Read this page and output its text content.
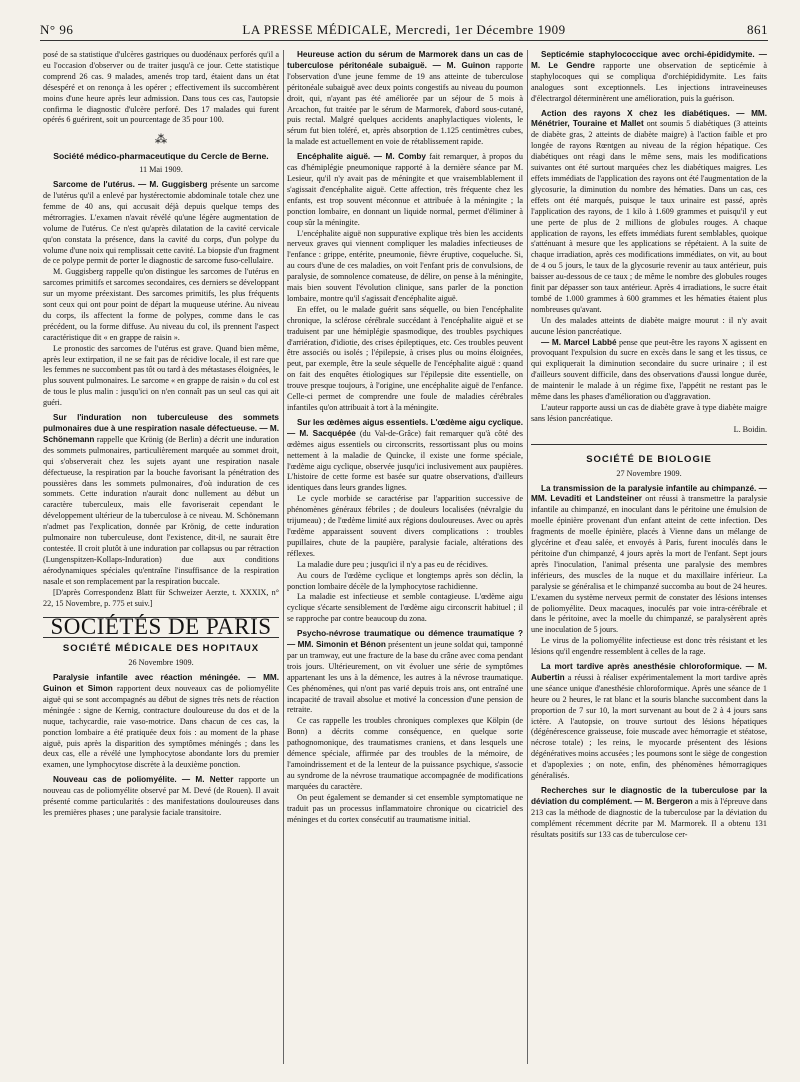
N° 96	LA PRESSE MÉDICALE, Mercredi, 1er Décembre 1909	861

posé de sa statistique d'ulcères gastriques ou duodénaux perforés qu'il a eu l'occasion d'observer ou de traiter jusqu'à ce jour. Cette statistique comprend 26 cas. 9 malades, amenés trop tard, étaient dans un état désespéré et on renonça à les opérer ; effectivement ils succombèrent moins d'une heure après leur admission. Dans tous ces cas, l'autopsie confirma le diagnostic d'ulcère perforé. Des 17 malades qui furent opérés 6 guérirent, soit un pourcentage de 35 pour 100.

⁂

Société médico-pharmaceutique du Cercle de Berne.

11 Mai 1909.

Sarcome de l'utérus. — M. Guggisberg présente un sarcome de l'utérus qu'il a enlevé par hystérectomie abdominale totale chez une femme de 40 ans, qui accusait déjà depuis quelque temps des métrorragies. L'examen n'avait révélé qu'une légère augmentation de volume de l'utérus. Ce n'est qu'après dilatation de la cavité cervicale qu'on constata la présence, dans la cavité du corps, d'un polype du volume d'une noix qui remplissait cette cavité. La biopsie d'un fragment de ce polype permit de porter le diagnostic de sarcome fuso-cellulaire.

M. Guggisberg rappelle qu'on distingue les sarcomes de l'utérus en sarcomes primitifs et sarcomes secondaires, ces derniers se développant sur un myome préexistant. Des sarcomes primitifs, les plus fréquents sont ceux qui ont pour point de départ la muqueuse utérine. Au niveau du corps, ils affectent la forme de polypes, comme dans le cas précédent, ou la forme diffuse. Au niveau du col, ils prennent l'aspect caractéristique dit « en grappe de raisin ».

Le pronostic des sarcomes de l'utérus est grave. Quand bien même, après leur extirpation, il ne se fait pas de récidive locale, il est rare que les femmes ne succombent pas tôt ou tard à des métastases éloignées, le plus souvent pulmonaires. Le sarcome « en grappe de raisin » du col est de tous le plus malin : jusqu'ici on n'en connaît pas un seul cas qui ait guéri.

Sur l'induration non tuberculeuse des sommets pulmonaires due à une respiration nasale défectueuse. — M. Schönemann rappelle que Krönig (de Berlin) a décrit une induration des sommets pulmonaires, particulièrement marquée au sommet droit, qui s'observerait chez les sujets ayant une respiration nasale défectueuse, la respiration par la bouche favorisant la pénétration des poussières dans les sommets pulmonaires, d'où induration de ces sommets. Cette induration n'aurait donc nullement au début un caractère tuberculeux, mais elle favoriserait cependant le développement ultérieur de la tuberculose à ce niveau. M. Schönemann n'admet pas l'explication, donnée par Krönig, de cette induration pulmonaire non tuberculeuse, dont l'existence, dit-il, ne saurait être contestée. Il croit plutôt à une induration par collapsus ou par rétraction (Lungenspitzen-Kollaps-Induration) due aux conditions aérodynamiques spéciales qu'entraîne l'insuffisance de la respiration nasale et son remplacement par la respiration buccale.

[D'après Correspondenz Blatt für Schweizer Aerzte, t. XXXIX, n° 22, 15 Novembre, p. 775 et suiv.]

SOCIÉTÉS DE PARIS

SOCIÉTÉ MÉDICALE DES HOPITAUX

26 Novembre 1909.

Paralysie infantile avec réaction méningée. — MM. Guinon et Simon rapportent deux nouveaux cas de poliomyélite aiguë qui se sont accompagnés au début de signes très nets de réaction méningée : signe de Kernig, contracture douloureuse du dos et de la nuque, tachycardie, raie vaso-motrice. Dans chacun de ces cas, la ponction lombaire a été pratiquée deux fois : au moment de la phase aiguë, puis après la disparition des symptômes méningés ; dans les deux cas, elle a révélé une lymphocytose abondante lors du premier examen, une lymphocytose discrète à la deuxième ponction.

Nouveau cas de poliomyélite. — M. Netter rapporte un nouveau cas de poliomyélite observé par M. Devé (de Rouen). Il avait présenté comme particularités : des manifestations douloureuses dans les premières phases ; une paralysie faciale transitoire.

Heureuse action du sérum de Marmorek dans un cas de tuberculose péritonéale subaiguë. — M. Guinon rapporte l'observation d'une jeune femme de 19 ans atteinte de tuberculose péritonéale subaiguë avec deux points congestifs au niveau du poumon droit, qui, n'ayant pas été améliorée par un séjour de 5 mois à Arcachon, fut traitée par le sérum de Marmorek, d'abord sous-cutané, puis rectal. Malgré quelques accidents anaphylactiques violents, le sérum fut bien toléré, et, après absorption de 1.125 centimètres cubes, la malade est actuellement en voie de rétablissement rapide.

Encéphalite aiguë. — M. Comby fait remarquer, à propos du cas d'hémiplégie pneumonique rapporté à la dernière séance par M. Lesieur, qu'il n'y avait pas de méningite et que vraisemblablement il s'agissait d'encéphalite aiguë. Cette affection, très fréquente chez les enfants, est trop souvent méconnue et attribuée à la méningite ; la ponction lombaire, en donnant un liquide normal, permet d'éliminer à coup sûr la méningite.

L'encéphalite aiguë non suppurative explique très bien les accidents nerveux graves qui viennent compliquer les maladies infectieuses de l'enfance : grippe, entérite, pneumonie, fièvre éruptive, coqueluche. Si, au cours d'une de ces maladies, on voit l'enfant pris de convulsions, de paralysie, de somnolence comateuse, de délire, on pense à la méningite, mais bien souvent l'évolution clinique, sans parler de la ponction lombaire, montre qu'il s'agissait d'encéphalite aiguë.

En effet, ou le malade guérit sans séquelle, ou bien l'encéphalite chronique, la sclérose cérébrale succédant à l'encéphalite aiguë et se traduisent par une hémiplégie spasmodique, des troubles psychiques d'arriération, d'idiotie, des crises épileptiques, etc. Ces troubles peuvent être associés ou isolés ; l'épilepsie, à crises plus ou moins éloignées, peut, par exemple, être la seule séquelle de l'encéphalite aiguë : quand on fait des enquêtes étiologiques sur l'épilepsie dite essentielle, on trouve presque toujours, à l'origine, une encéphalite aiguë de l'enfance. Celle-ci permet de comprendre une foule de maladies cérébrales infantiles qu'on attribuait à tort à la méningite.

Sur les œdèmes aigus essentiels. L'œdème aigu cyclique. — M. Sacquépée (du Val-de-Grâce) fait remarquer qu'à côté des œdèmes aigus essentiels ou circonscrits, ressortissant plus ou moins nettement à la maladie de Quincke, il existe une forme spéciale, l'œdème aigu cyclique, observée jusqu'ici inclusivement aux paupières. L'histoire de cette forme est basée sur quatre observations, d'ailleurs identiques dans leurs grandes lignes.

Le cycle morbide se caractérise par l'apparition successive de phénomènes généraux fébriles ; de douleurs localisées (névralgie du trijumeau) ; de l'œdème limité aux régions douloureuses. Avec ou après l'œdème apparaissent souvent divers complications : troubles pupillaires, chute de la paupière, paralysie faciale, altérations des réflexes.

La maladie dure peu ; jusqu'ici il n'y a pas eu de récidives.

Au cours de l'œdème cyclique et longtemps après son déclin, la ponction lombaire décèle de la lymphocytose rachidienne.

La maladie est infectieuse et semble contagieuse. L'œdème aigu cyclique s'écarte sensiblement de l'œdème aigu circonscrit habituel ; il se rapproche par contre beaucoup du zona.

Psycho-névrose traumatique ou démence traumatique ? — MM. Simonin et Bénon présentent un jeune soldat qui, tamponné par un tramway, eut une fracture de la base du crâne avec coma pendant trois jours. Ultérieurement, on vit évoluer une série de symptômes appartenant les uns à la démence, les autres à la névrose traumatique. Ces phénomènes, qui n'ont pas varié depuis trois ans, ont entraîné une incapacité de travail absolue et motivé la concession d'une pension de retraite.

Ce cas rappelle les troubles chroniques complexes que Kölpin (de Bonn) a décrits comme conséquence, en quelque sorte pathognomonique, des traumatismes craniens, et dans lesquels une démence spéciale, affirmée par des troubles de la mémoire, de l'amoindrissement et de la lenteur de la puissance psychique, s'associe au syndrome de la névrose traumatique accompagnée de modifications marquées du caractère.

On peut également se demander si cet ensemble symptomatique ne traduit pas un processus inflammatoire chronique ou cicatriciel des méninges et du cortex consécutif au traumatisme initial.

Septicémie staphylococcique avec orchi-épididymite. — M. Le Gendre rapporte une observation de septicémie à staphylocoques qui se compliqua d'orchiépididymite. Les faits analogues sont exceptionnels. Les injections intraveineuses d'électrargol déterminèrent une amélioration, puis la guérison.

Action des rayons X chez les diabétiques. — MM. Ménétrier, Touraine et Mallet ont soumis 5 diabétiques (3 atteints de diabète gras, 2 atteints de diabète maigre) à l'action faible et pro longée de rayons Rœntgen au niveau de la région hépatique. Ces diabétiques ont réagi dans le même sens, mais les modifications suivantes ont été surtout marquées chez les diabétiques maigres. Les effets immédiats de l'application des rayons ont été l'augmentation de la glycosurie, la diminution du nombre des hématies. Dans un cas, ces effets ont été marqués, puisque le taux urinaire est passé, après l'application des rayons, de 1 kilo à 1.609 grammes et puisqu'il y eut une perte de plus de 2 millions de globules rouges. A chaque application de rayons, les effets immédiats furent semblables, quoique s'atténuant à mesure que les applications se répétaient. A la suite de chaque irradiation, après ces modifications immédiates, on vit, au bout de 4 ou 5 jours, le taux de la glycosurie revenir au taux antérieur, puis baisser au-dessous de ce taux ; de même le nombre des globules rouges finit par dépasser son taux antérieur. Après 4 irradiations, le sucre était tombé de 1.000 grammes à 600 grammes et les hématies étaient plus nombreuses qu'avant.

Un des malades atteints de diabète maigre mourut : il n'y avait aucune lésion pancréatique.

— M. Marcel Labbé pense que peut-être les rayons X agissent en provoquant l'expulsion du sucre en excès dans le sang et les tissus, ce qui expliquerait la diminution secondaire du sucre urinaire ; il est d'ailleurs souvent difficile, dans des observations d'aussi longue durée, de maintenir le malade à un régime fixe, l'appétit ne restant pas le même dans les phases d'amélioration ou d'aggravation.

L'auteur rapporte aussi un cas de diabète grave à type diabète maigre sans lésion pancréatique.

L. Boidin.

SOCIÉTÉ DE BIOLOGIE

27 Novembre 1909.

La transmission de la paralysie infantile au chimpanzé. — MM. Levaditi et Landsteiner ont réussi à transmettre la paralysie infantile au chimpanzé, en inoculant dans le péritoine une émulsion de moelle épinière provenant d'un enfant atteint de cette infection. Des fragments de moelle épinière, placés à Vienne dans un mélange de glycérine et d'eau salée, et envoyés à Paris, furent inoculés dans le péritoine d'un chimpanzé, 4 jours après la mort de l'enfant. Sept jours après l'inoculation, l'animal présenta une paralysie des membres inférieurs, des muscles de la nuque et du maxillaire inférieur. La paralysie se généralisa et le chimpanzé succomba au bout de 24 heures. L'examen du système nerveux permit de constater des lésions intenses de poliomyélite. Deux macaques, inoculés par voie intra-cérébrale et dans le péritoine, avec la moelle du chimpanzé, se paralysèrent après une inoculation de 5 jours.

Le virus de la poliomyélite infectieuse est donc très résistant et les lésions qu'il engendre ressemblent à celles de la rage.

La mort tardive après anesthésie chloroformique. — M. Aubertin a réussi à réaliser expérimentalement la mort tardive après une séance unique d'anesthésie chloroformique. Après une séance de 1 heure ou 2 heures, le rat blanc et la souris blanche succombent dans la proportion de 7 sur 10, la mort survenant au bout de 2 à 4 jours sans ictère. A l'autopsie, on trouve surtout des lésions hépatiques (dégénérescence graisseuse, foie muscade avec hémorragie et stéatose, nécrose totale) ; les reins, le myocarde présentent des lésions dégénératives moins accusées ; les poumons sont le siège de congestion et d'apoplexies ; on note, enfin, des phénomènes hémorragiques généralisés.

Recherches sur le diagnostic de la tuberculose par la déviation du complément. — M. Bergeron a mis à l'épreuve dans 213 cas la méthode de diagnostic de la tuberculose par la déviation du complément récemment décrite par M. Marmorek. Il a obtenu 131 résultats positifs sur 133 cas de tuberculose cer-
